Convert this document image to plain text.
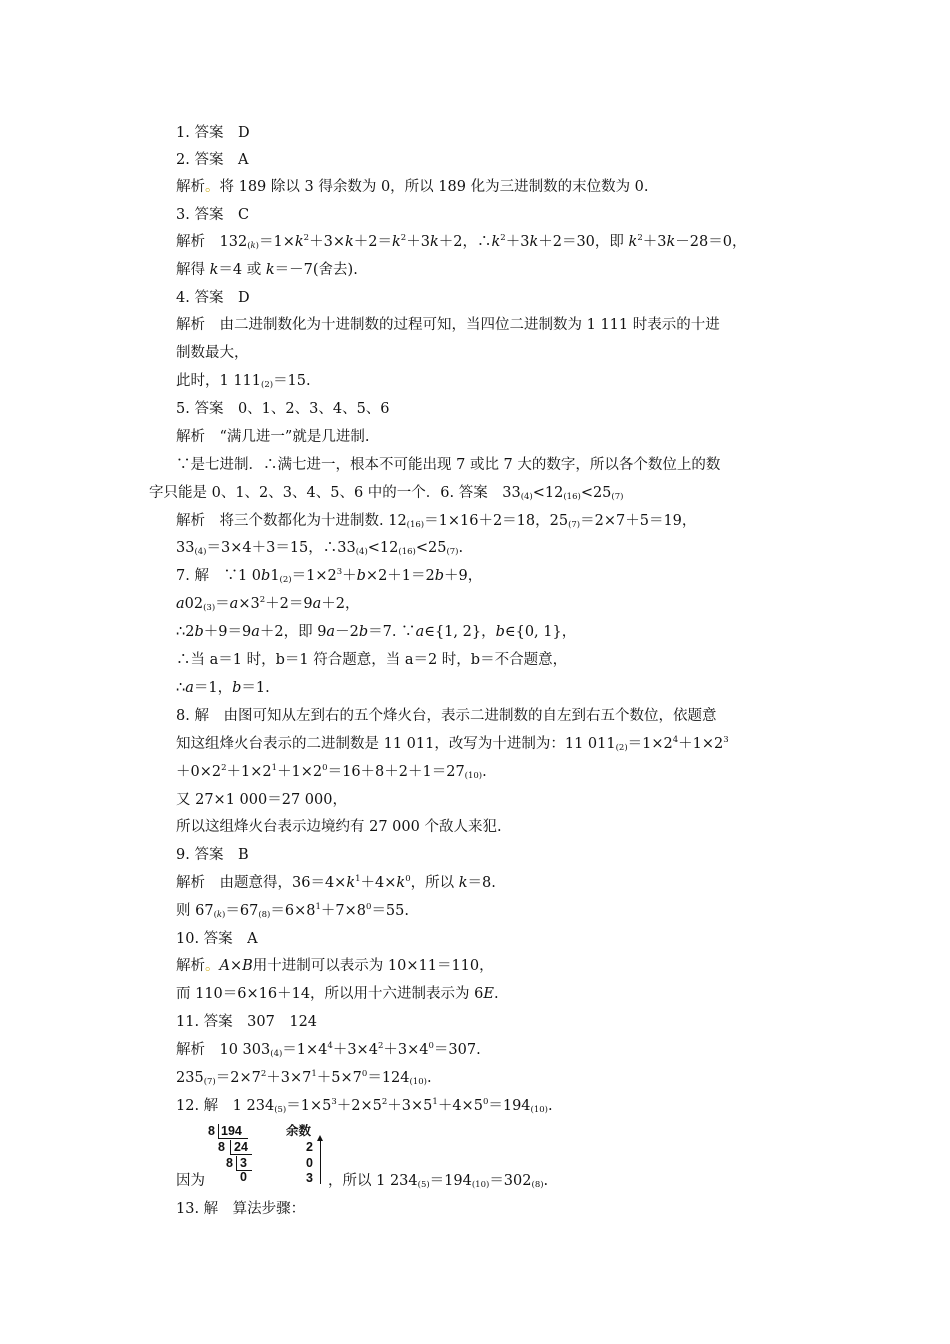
1. 答案　D
2. 答案　A
解析。将 189 除以 3 得余数为 0，所以 189 化为三进制数的末位数为 0.
3. 答案　C
解析　$132_{(k)}=1\times k^2+3\times k+2=k^2+3k+2$，$\therefore k^2+3k+2=30$，即 $k^2+3k-28=0$，
解得 k＝4 或 k＝－7(舍去).
4. 答案　D
解析　由二进制数化为十进制数的过程可知，当四位二进制数为 1 111 时表示的十进
制数最大，
此时，1 $111_{(2)}=15$.
5. 答案　0、1、2、3、4、5、6
解析　“满几进一”就是几进制.
∵是七进制．∴满七进一，根本不可能出现 7 或比 7 大的数字，所以各个数位上的数
字只能是 0、1、2、3、4、5、6 中的一个．6. 答案　$33_{(4)}<12_{(16)}<25_{(7)}$
解析　将三个数都化为十进制数. $12_{(16)}=1\times 16+2=18$，$25_{(7)}=2\times 7+5=19$，
$33_{(4)}=3\times 4+3=15$，$\therefore 33_{(4)}<12_{(16)}<25_{(7)}$.
7. 解　∵1 $0b1_{(2)}=1\times 2^3+b\times 2+1=2b+9$，
$a02_{(3)}=a\times 3^2+2=9a+2$，
∴2b＋9＝9a＋2，即 9a－2b＝7. ∵a∈{1, 2}，b∈{0, 1}，
∴当 a＝1 时，b＝1 符合题意，当 a＝2 时，b＝不合题意，
∴a＝1，b＝1.
8. 解　由图可知从左到右的五个烽火台，表示二进制数的自左到右五个数位，依题意
知这组烽火台表示的二进制数是 11 011，改写为十进制为：11 $011_{(2)}=1\times 2^4+1\times 2^3$
$+0\times 2^2+1\times 2^1+1\times 2^0=16+8+2+1=27_{(10)}$.
又 27×1 000＝27 000，
所以这组烽火台表示边境约有 27 000 个敌人来犯.
9. 答案　B
解析　由题意得，$36=4\times k^1+4\times k^0$，所以 k＝8.
则 $67_{(k)}=67_{(8)}=6\times 8^1+7\times 8^0=55$.
10. 答案　A
解析。A×B用十进制可以表示为 10×11＝110，
而 110＝6×16＋14，所以用十六进制表示为 6E.
11. 答案　307　124
解析　10 $303_{(4)}=1\times 4^4+3\times 4^2+3\times 4^0=307$.
$235_{(7)}=2\times 7^2+3\times 7^1+5\times 7^0=124_{(10)}$.
12. 解　1 $234_{(5)}=1\times 5^3+2\times 5^2+3\times 5^1+4\times 5^0=194_{(10)}$.
8 194
8 24
8 3
0
余数
2
0
3
因为	，所以 1 $234_{(5)}=194_{(10)}=302_{(8)}$.
13. 解　算法步骤：
